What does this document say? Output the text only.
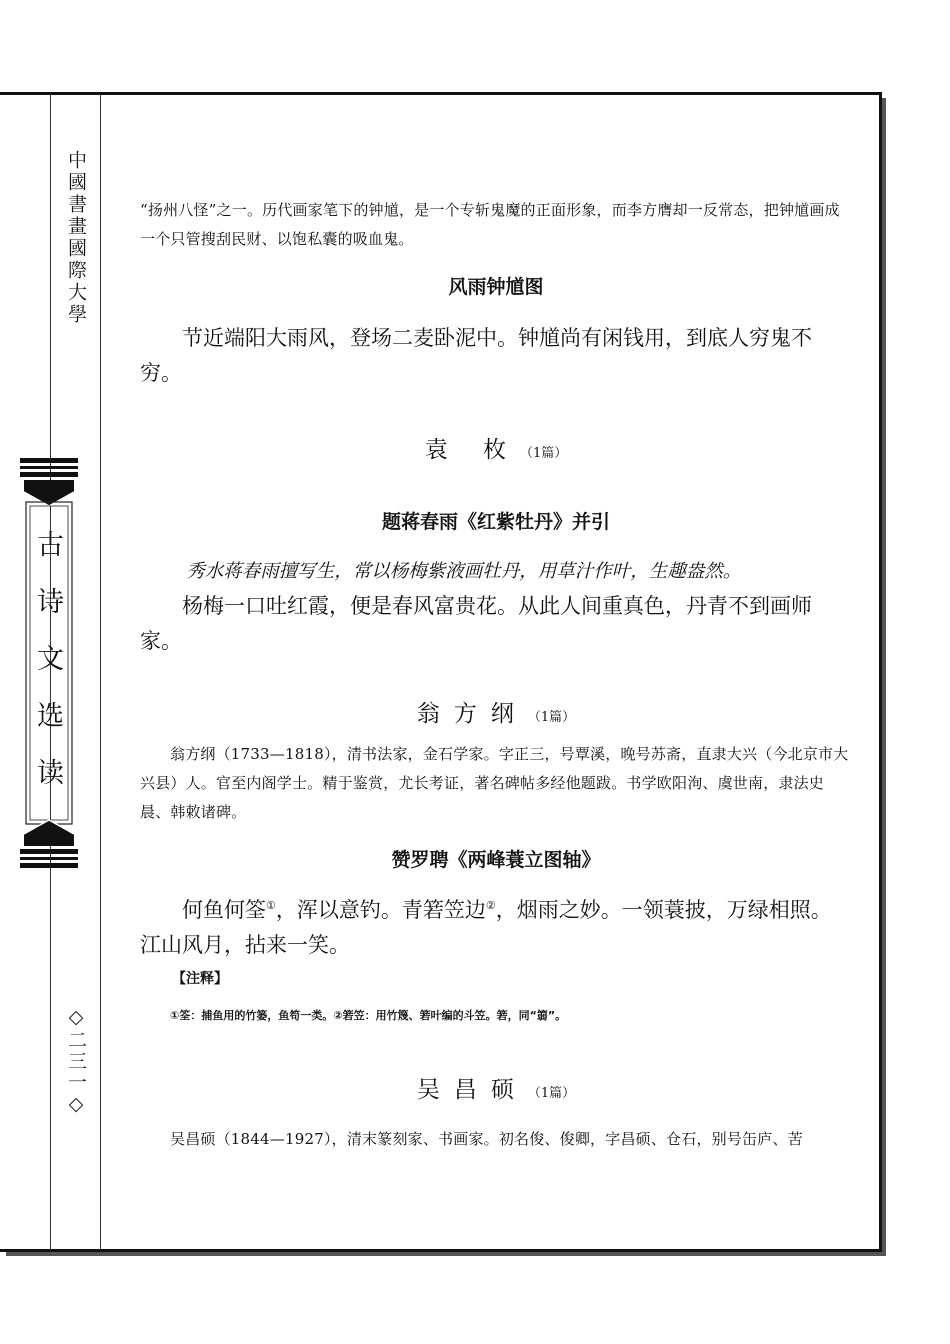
中國書畫國際大學
古诗文选读
◇二三一◇

“扬州八怪”之一。历代画家笔下的钟馗，是一个专斩鬼魔的正面形象，而李方膺却一反常态，把钟馗画成一个只管搜刮民财、以饱私囊的吸血鬼。

风雨钟馗图

节近端阳大雨风，登场二麦卧泥中。钟馗尚有闲钱用，到底人穷鬼不穷。

袁 枚（1篇）

题蒋春雨《红紫牡丹》并引

秀水蒋春雨擅写生，常以杨梅紫液画牡丹，用草汁作叶，生趣盎然。

杨梅一口吐红霞，便是春风富贵花。从此人间重真色，丹青不到画师家。

翁方纲（1篇）

翁方纲（1733—1818），清书法家，金石学家。字正三，号覃溪，晚号苏斋，直隶大兴（今北京市大兴县）人。官至内阁学士。精于鉴赏，尤长考证，著名碑帖多经他题跋。书学欧阳洵、虞世南，隶法史晨、韩敕诸碑。

赞罗聘《两峰蓑立图轴》

何鱼何筌①，浑以意钓。青箬笠边②，烟雨之妙。一领蓑披，万绿相照。江山风月，拈来一笑。

【注释】

①筌：捕鱼用的竹篓，鱼笱一类。②箬笠：用竹篾、箬叶编的斗笠。箬，同“篛”。

吴昌硕（1篇）

吴昌硕（1844—1927），清末篆刻家、书画家。初名俊、俊卿，字昌硕、仓石，别号缶庐、苦
